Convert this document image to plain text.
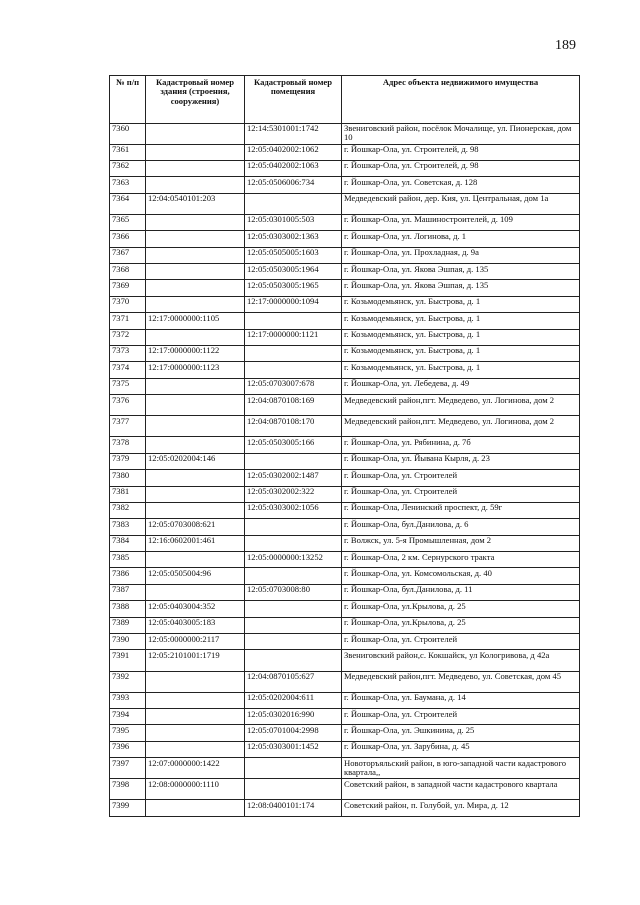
189
№ п/п	Кадастровый номер здания (строения, сооружения)	Кадастровый номер помещения	Адрес объекта недвижимого имущества
7360		12:14:5301001:1742	Звениговский район, посёлок Мочалище, ул. Пионерская, дом 10
7361		12:05:0402002:1062	г. Йошкар-Ола, ул. Строителей, д. 98
7362		12:05:0402002:1063	г. Йошкар-Ола, ул. Строителей, д. 98
7363		12:05:0506006:734	г. Йошкар-Ола, ул. Советская, д. 128
7364	12:04:0540101:203		Медведевский район, дер. Кия, ул. Центральная, дом 1а
7365		12:05:0301005:503	г. Йошкар-Ола, ул. Машиностроителей, д. 109
7366		12:05:0303002:1363	г. Йошкар-Ола, ул. Логинова, д. 1
7367		12:05:0505005:1603	г. Йошкар-Ола, ул. Прохладная, д. 9а
7368		12:05:0503005:1964	г. Йошкар-Ола, ул. Якова Эшпая, д. 135
7369		12:05:0503005:1965	г. Йошкар-Ола, ул. Якова Эшпая, д. 135
7370		12:17:0000000:1094	г. Козьмодемьянск, ул. Быстрова, д. 1
7371	12:17:0000000:1105		г. Козьмодемьянск, ул. Быстрова, д. 1
7372		12:17:0000000:1121	г. Козьмодемьянск, ул. Быстрова, д. 1
7373	12:17:0000000:1122		г. Козьмодемьянск, ул. Быстрова, д. 1
7374	12:17:0000000:1123		г. Козьмодемьянск, ул. Быстрова, д. 1
7375		12:05:0703007:678	г. Йошкар-Ола, ул. Лебедева, д. 49
7376		12:04:0870108:169	Медведевский район,пгт. Медведево, ул. Логинова, дом 2
7377		12:04:0870108:170	Медведевский район,пгт. Медведево, ул. Логинова, дом 2
7378		12:05:0503005:166	г. Йошкар-Ола, ул. Рябинина, д. 7б
7379	12:05:0202004:146		г. Йошкар-Ола, ул. Йывана Кырля, д. 23
7380		12:05:0302002:1487	г. Йошкар-Ола, ул. Строителей
7381		12:05:0302002:322	г. Йошкар-Ола, ул. Строителей
7382		12:05:0303002:1056	г. Йошкар-Ола, Ленинский проспект, д. 59г
7383	12:05:0703008:621		г. Йошкар-Ола, бул.Данилова, д. 6
7384	12:16:0602001:461		г. Волжск, ул. 5-я Промышленная, дом 2
7385		12:05:0000000:13252	г. Йошкар-Ола, 2 км. Сернурского тракта
7386	12:05:0505004:96		г. Йошкар-Ола, ул. Комсомольская, д. 40
7387		12:05:0703008:80	г. Йошкар-Ола, бул.Данилова, д. 11
7388	12:05:0403004:352		г. Йошкар-Ола, ул.Крылова, д. 25
7389	12:05:0403005:183		г. Йошкар-Ола, ул.Крылова, д. 25
7390	12:05:0000000:2117		г. Йошкар-Ола, ул. Строителей
7391	12:05:2101001:1719		Звениговский район,с. Кокшайск, ул Кологривова, д 42а
7392		12:04:0870105:627	Медведевский район,пгт. Медведево, ул. Советская, дом 45
7393		12:05:0202004:611	г. Йошкар-Ола, ул. Баумана, д. 14
7394		12:05:0302016:990	г. Йошкар-Ола, ул. Строителей
7395		12:05:0701004:2998	г. Йошкар-Ола, ул. Эшкинина, д. 25
7396		12:05:0303001:1452	г. Йошкар-Ола, ул. Зарубина, д. 45
7397	12:07:0000000:1422		Новоторъяльский район, в юго-западной части кадастрового квартала,,
7398	12:08:0000000:1110		Советский район, в западной части кадастрового квартала
7399		12:08:0400101:174	Советский район, п. Голубой, ул. Мира, д. 12
